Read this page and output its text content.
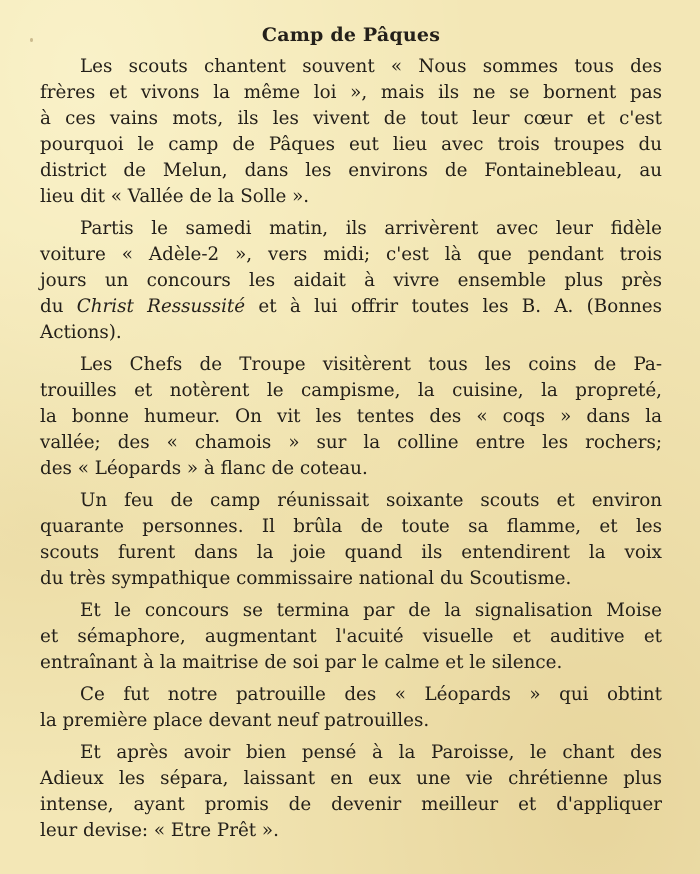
Camp de Pâques
Les scouts chantent souvent « Nous sommes tous des
frères et vivons la même loi », mais ils ne se bornent pas
à ces vains mots, ils les vivent de tout leur cœur et c'est
pourquoi le camp de Pâques eut lieu avec trois troupes du
district de Melun, dans les environs de Fontainebleau, au
lieu dit « Vallée de la Solle ».
Partis le samedi matin, ils arrivèrent avec leur fidèle
voiture « Adèle-2 », vers midi; c'est là que pendant trois
jours un concours les aidait à vivre ensemble plus près
du Christ Ressussité et à lui offrir toutes les B. A. (Bonnes
Actions).
Les Chefs de Troupe visitèrent tous les coins de Pa-
trouilles et notèrent le campisme, la cuisine, la propreté,
la bonne humeur. On vit les tentes des « coqs » dans la
vallée; des « chamois » sur la colline entre les rochers;
des « Léopards » à flanc de coteau.
Un feu de camp réunissait soixante scouts et environ
quarante personnes. Il brûla de toute sa flamme, et les
scouts furent dans la joie quand ils entendirent la voix
du très sympathique commissaire national du Scoutisme.
Et le concours se termina par de la signalisation Moise
et sémaphore, augmentant l'acuité visuelle et auditive et
entraînant à la maitrise de soi par le calme et le silence.
Ce fut notre patrouille des « Léopards » qui obtint
la première place devant neuf patrouilles.
Et après avoir bien pensé à la Paroisse, le chant des
Adieux les sépara, laissant en eux une vie chrétienne plus
intense, ayant promis de devenir meilleur et d'appliquer
leur devise: « Etre Prêt ».
